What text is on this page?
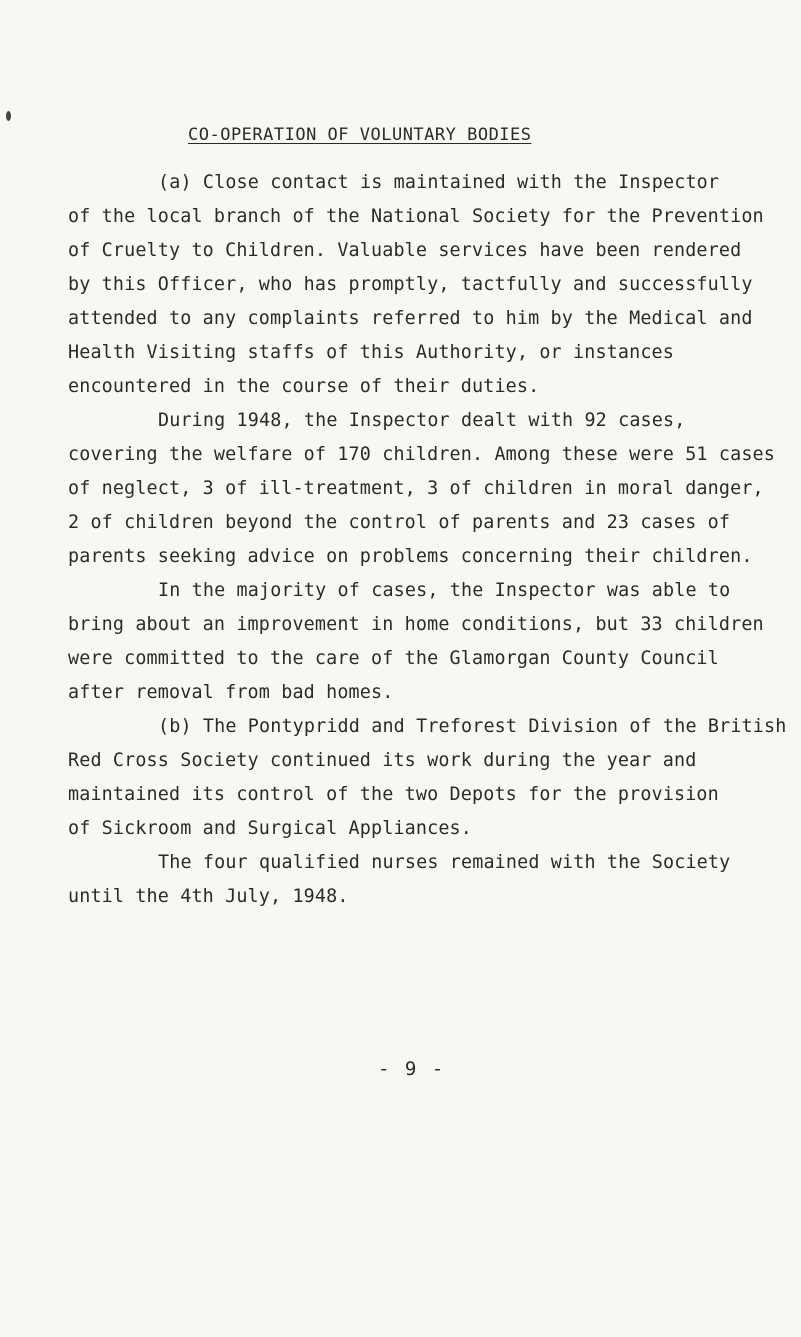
CO-OPERATION OF VOLUNTARY BODIES
(a) Close contact is maintained with the Inspector
of the local branch of the National Society for the Prevention
of Cruelty to Children. Valuable services have been rendered
by this Officer, who has promptly, tactfully and successfully
attended to any complaints referred to him by the Medical and
Health Visiting staffs of this Authority, or instances
encountered in the course of their duties.
During 1948, the Inspector dealt with 92 cases,
covering the welfare of 170 children. Among these were 51 cases
of neglect, 3 of ill-treatment, 3 of children in moral danger,
2 of children beyond the control of parents and 23 cases of
parents seeking advice on problems concerning their children.
In the majority of cases, the Inspector was able to
bring about an improvement in home conditions, but 33 children
were committed to the care of the Glamorgan County Council
after removal from bad homes.
(b) The Pontypridd and Treforest Division of the British
Red Cross Society continued its work during the year and
maintained its control of the two Depots for the provision
of Sickroom and Surgical Appliances.
The four qualified nurses remained with the Society
until the 4th July, 1948.
- 9 -
